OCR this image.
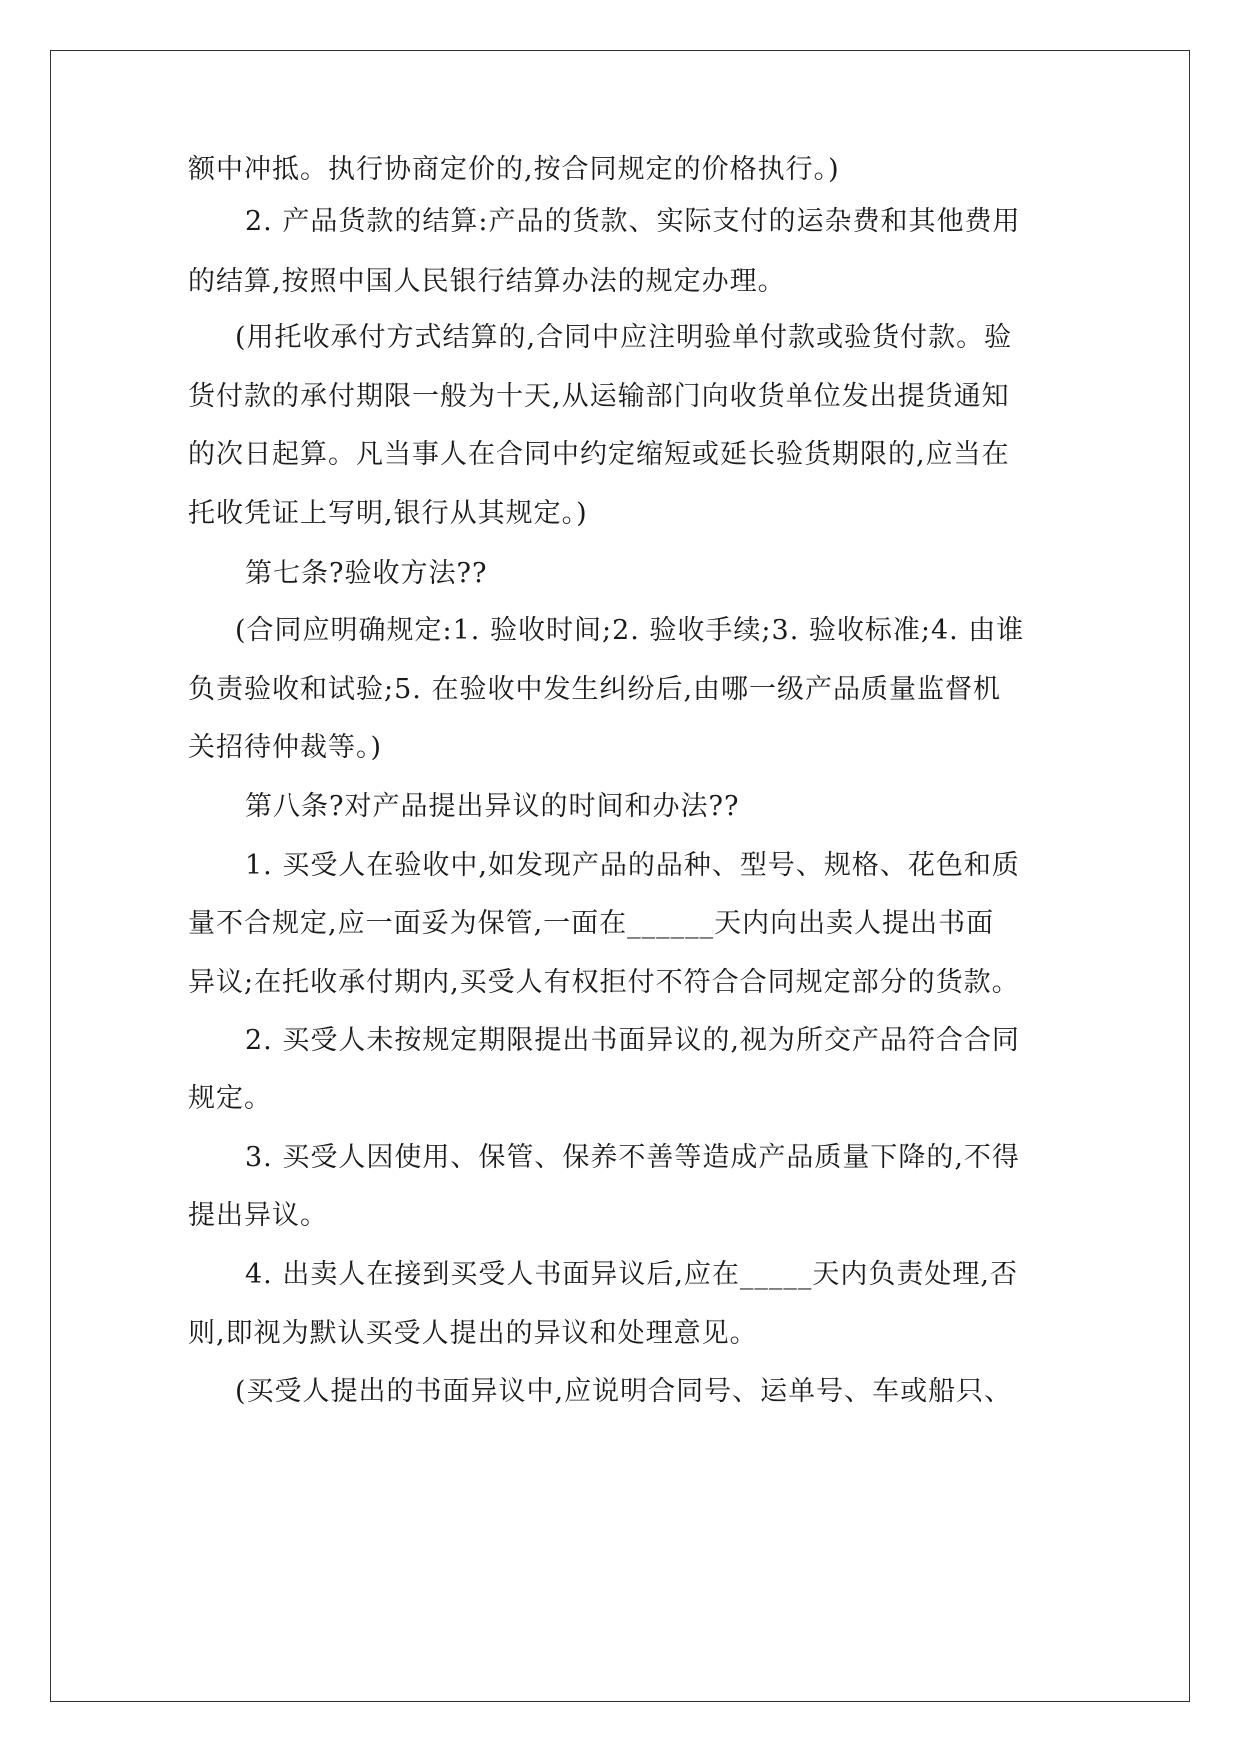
额中冲抵。执行协商定价的,按合同规定的价格执行。)
2. 产品货款的结算:产品的货款、实际支付的运杂费和其他费用
的结算,按照中国人民银行结算办法的规定办理。
(用托收承付方式结算的,合同中应注明验单付款或验货付款。验
货付款的承付期限一般为十天,从运输部门向收货单位发出提货通知
的次日起算。凡当事人在合同中约定缩短或延长验货期限的,应当在
托收凭证上写明,银行从其规定。)
第七条?验收方法??
(合同应明确规定:1. 验收时间;2. 验收手续;3. 验收标准;4. 由谁
负责验收和试验;5. 在验收中发生纠纷后,由哪一级产品质量监督机
关招待仲裁等。)
第八条?对产品提出异议的时间和办法??
1. 买受人在验收中,如发现产品的品种、型号、规格、花色和质
量不合规定,应一面妥为保管,一面在______天内向出卖人提出书面
异议;在托收承付期内,买受人有权拒付不符合合同规定部分的货款。
2. 买受人未按规定期限提出书面异议的,视为所交产品符合合同
规定。
3. 买受人因使用、保管、保养不善等造成产品质量下降的,不得
提出异议。
4. 出卖人在接到买受人书面异议后,应在_____天内负责处理,否
则,即视为默认买受人提出的异议和处理意见。
(买受人提出的书面异议中,应说明合同号、运单号、车或船只、
